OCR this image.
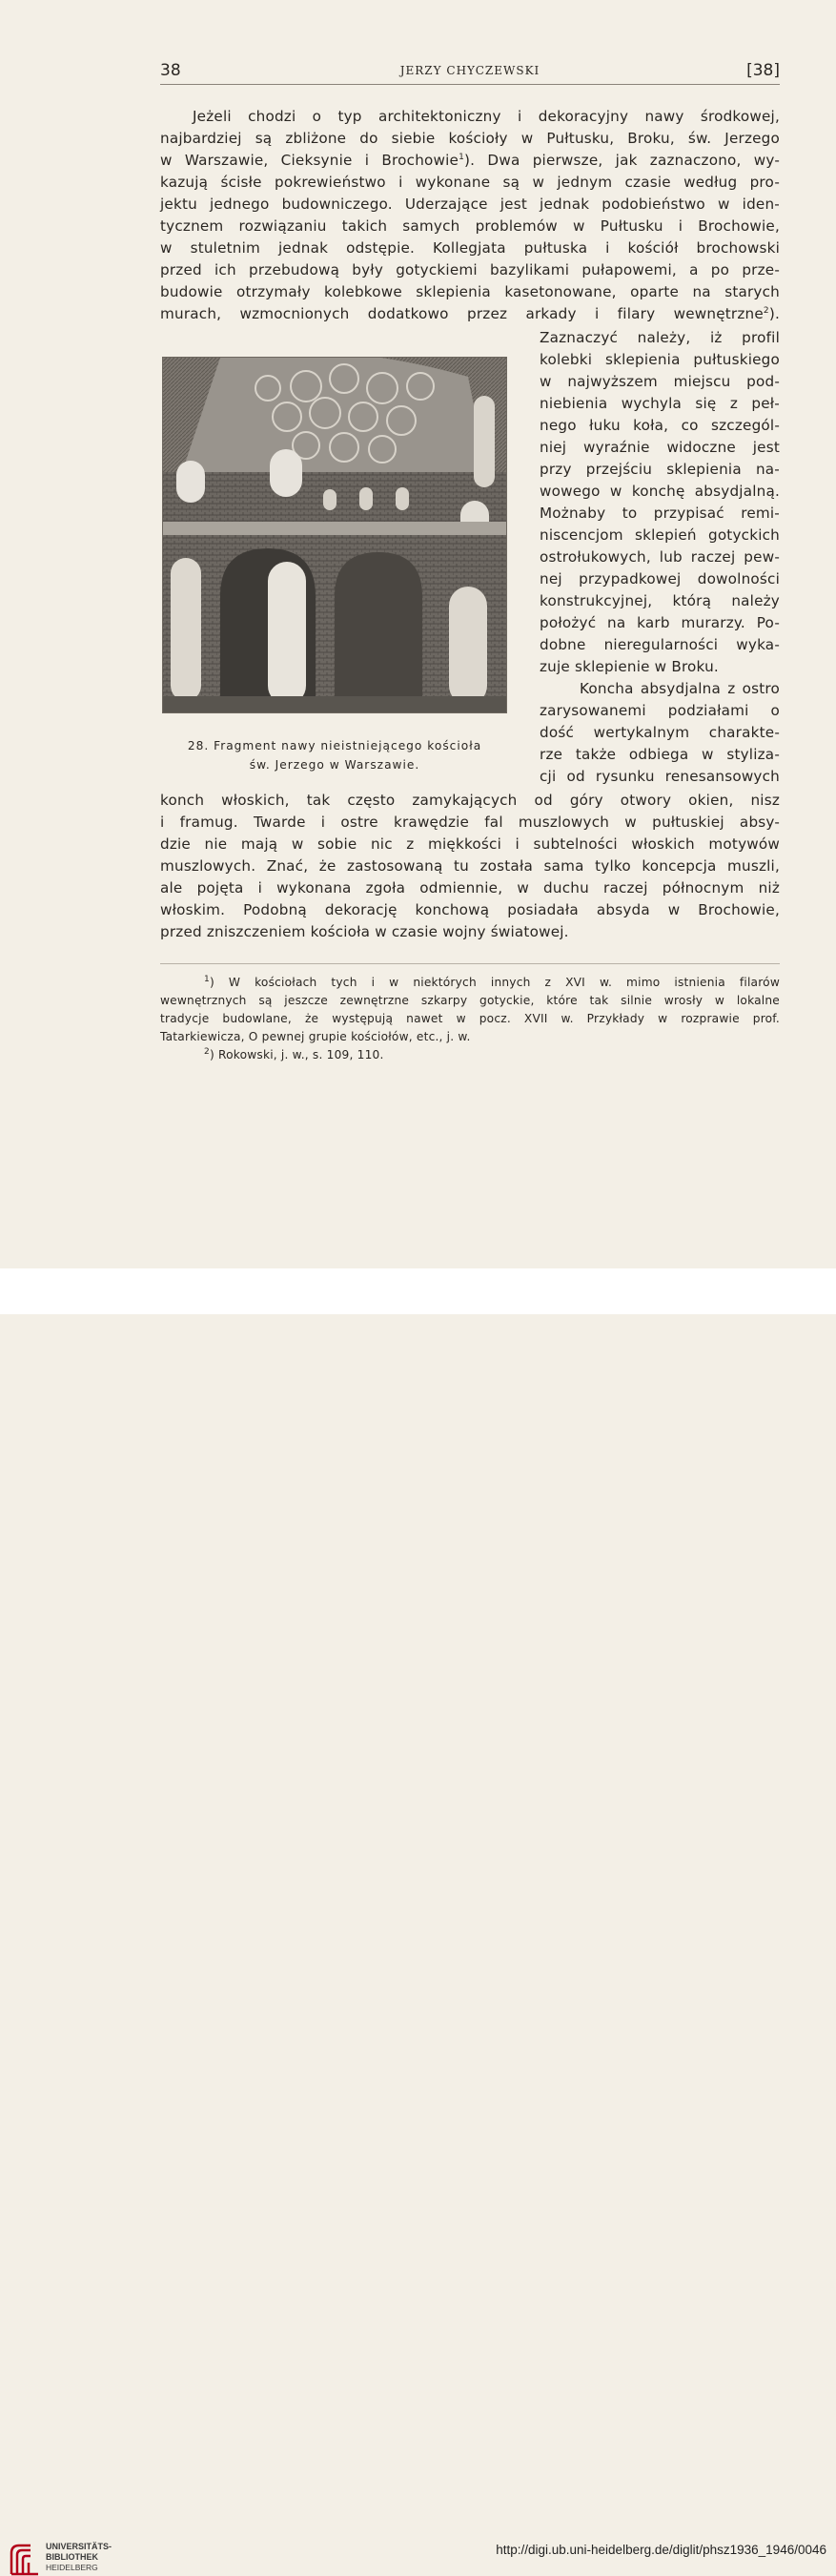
38	JERZY CHYCZEWSKI	[38]
Jeżeli chodzi o typ architektoniczny i dekoracyjny nawy środkowej,
najbardziej są zbliżone do siebie kościoły w Pułtusku, Broku, św. Jerzego
w Warszawie, Cieksynie i Brochowie$^1$). Dwa pierwsze, jak zaznaczono, wy-
kazują ścisłe pokrewieństwo i wykonane są w jednym czasie według pro-
jektu jednego budowniczego. Uderzające jest jednak podobieństwo w iden-
tycznem rozwiązaniu takich samych problemów w Pułtusku i Brochowie,
w stuletnim jednak odstępie. Kollegjata pułtuska i kościół brochowski
przed ich przebudową były gotyckiemi bazylikami pułapowemi, a po prze-
budowie otrzymały kolebkowe sklepienia kasetonowane, oparte na starych
murach, wzmocnionych dodatkowo przez arkady i filary wewnętrzne$^2$).
Zaznaczyć należy, iż profil
kolebki sklepienia pułtuskiego
w najwyższem miejscu pod-
niebienia wychyla się z peł-
nego łuku koła, co szczegól-
niej wyraźnie widoczne jest
przy przejściu sklepienia na-
wowego w konchę absydjalną.
Możnaby to przypisać remi-
niscencjom sklepień gotyckich
ostrołukowych, lub raczej pew-
nej przypadkowej dowolności
konstrukcyjnej, którą należy
położyć na karb murarzy. Po-
dobne nieregularności wyka-
zuje sklepienie w Broku.
Koncha absydjalna z ostro
zarysowanemi podziałami o
dość wertykalnym charakte-
rze także odbiega w styliza-
cji od rysunku renesansowych
28. Fragment nawy nieistniejącego kościoła
św. Jerzego w Warszawie.
konch włoskich, tak często zamykających od góry otwory okien, nisz
i framug. Twarde i ostre krawędzie fal muszlowych w pułtuskiej absy-
dzie nie mają w sobie nic z miękkości i subtelności włoskich motywów
muszlowych. Znać, że zastosowaną tu została sama tylko koncepcja muszli,
ale pojęta i wykonana zgoła odmiennie, w duchu raczej północnym niż
włoskim. Podobną dekorację konchową posiadała absyda w Brochowie,
przed zniszczeniem kościoła w czasie wojny światowej.
$^1$) W kościołach tych i w niektórych innych z XVI w. mimo istnienia filarów
wewnętrznych są jeszcze zewnętrzne szkarpy gotyckie, które tak silnie wrosły w lokalne
tradycje budowlane, że występują nawet w pocz. XVII w. Przykłady w rozprawie prof.
Tatarkiewicza, O pewnej grupie kościołów, etc., j. w.
$^2$) Rokowski, j. w., s. 109, 110.
UNIVERSITÄTS-
BIBLIOTHEK
HEIDELBERG
http://digi.ub.uni-heidelberg.de/diglit/phsz1936_1946/0046
